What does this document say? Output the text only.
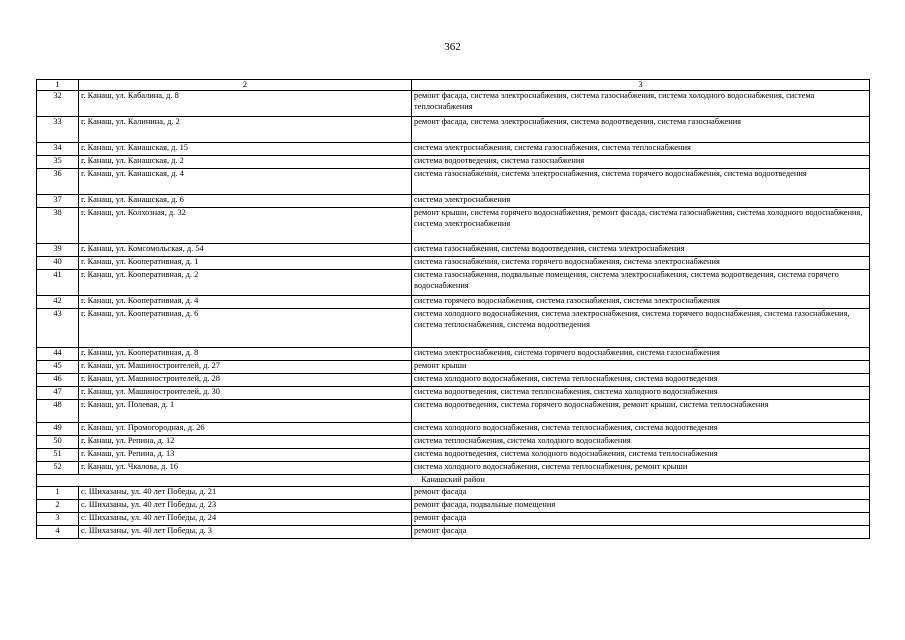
362
1	2	3
32	г. Канаш, ул. Кабалина, д. 8	ремонт фасада, система электроснабжения, система газоснабжения, система холодного водоснабжения, система теплоснабжения
33	г. Канаш, ул. Калинина, д. 2	ремонт фасада, система электроснабжения, система водоотведения, система газоснабжения
34	г. Канаш, ул. Канашская, д. 15	система электроснабжения, система газоснабжения, система теплоснабжения
35	г. Канаш, ул. Канашская, д. 2	система водоотведения, система газоснабжения
36	г. Канаш, ул. Канашская, д. 4	система газоснабжения, система электроснабжения, система горячего водоснабжения, система водоотведения
37	г. Канаш, ул. Канашская, д. 6	система электроснабжения
38	г. Канаш, ул. Колхозная, д. 32	ремонт крыши, система горячего водоснабжения, ремонт фасада, система газоснабжения, система холодного водоснабжения, система электроснабжения
39	г. Канаш, ул. Комсомольская, д. 54	система газоснабжения, система водоотведения, система электроснабжения
40	г. Канаш, ул. Кооперативная, д. 1	система газоснабжения, система горячего водоснабжения, система электроснабжения
41	г. Канаш, ул. Кооперативная, д. 2	система газоснабжения, подвальные помещения, система электроснабжения, система водоотведения, система горячего водоснабжения
42	г. Канаш, ул. Кооперативная, д. 4	система горячего водоснабжения, система газоснабжения, система электроснабжения
43	г. Канаш, ул. Кооперативная, д. 6	система холодного водоснабжения, система электроснабжения, система горячего водоснабжения, система газоснабжения, система теплоснабжения, система водоотведения
44	г. Канаш, ул. Кооперативная, д. 8	система электроснабжения, система горячего водоснабжения, система газоснабжения
45	г. Канаш, ул. Машиностроителей, д. 27	ремонт крыши
46	г. Канаш, ул. Машиностроителей, д. 28	система холодного водоснабжения, система теплоснабжения, система водоотведения
47	г. Канаш, ул. Машиностроителей, д. 30	система водоотведения, система теплоснабжения, система холодного водоснабжения
48	г. Канаш, ул. Полевая, д. 1	система водоотведения, система горячего водоснабжения, ремонт крыши, система теплоснабжения
49	г. Канаш, ул. Промогородная, д. 26	система холодного водоснабжения, система теплоснабжения, система водоотведения
50	г. Канаш, ул. Репина, д. 12	система теплоснабжения, система холодного водоснабжения
51	г. Канаш, ул. Репина, д. 13	система водоотведения, система холодного водоснабжения, система теплоснабжения
52	г. Канаш, ул. Чкалова, д. 16	система холодного водоснабжения, система теплоснабжения, ремонт крыши
Канашский район		
1	с. Шихазаны, ул. 40 лет Победы, д. 21	ремонт фасада
2	с. Шихазаны, ул. 40 лет Победы, д. 23	ремонт фасада, подвальные помещения
3	с. Шихазаны, ул. 40 лет Победы, д. 24	ремонт фасада
4	с. Шихазаны, ул. 40 лет Победы, д. 3	ремонт фасада
